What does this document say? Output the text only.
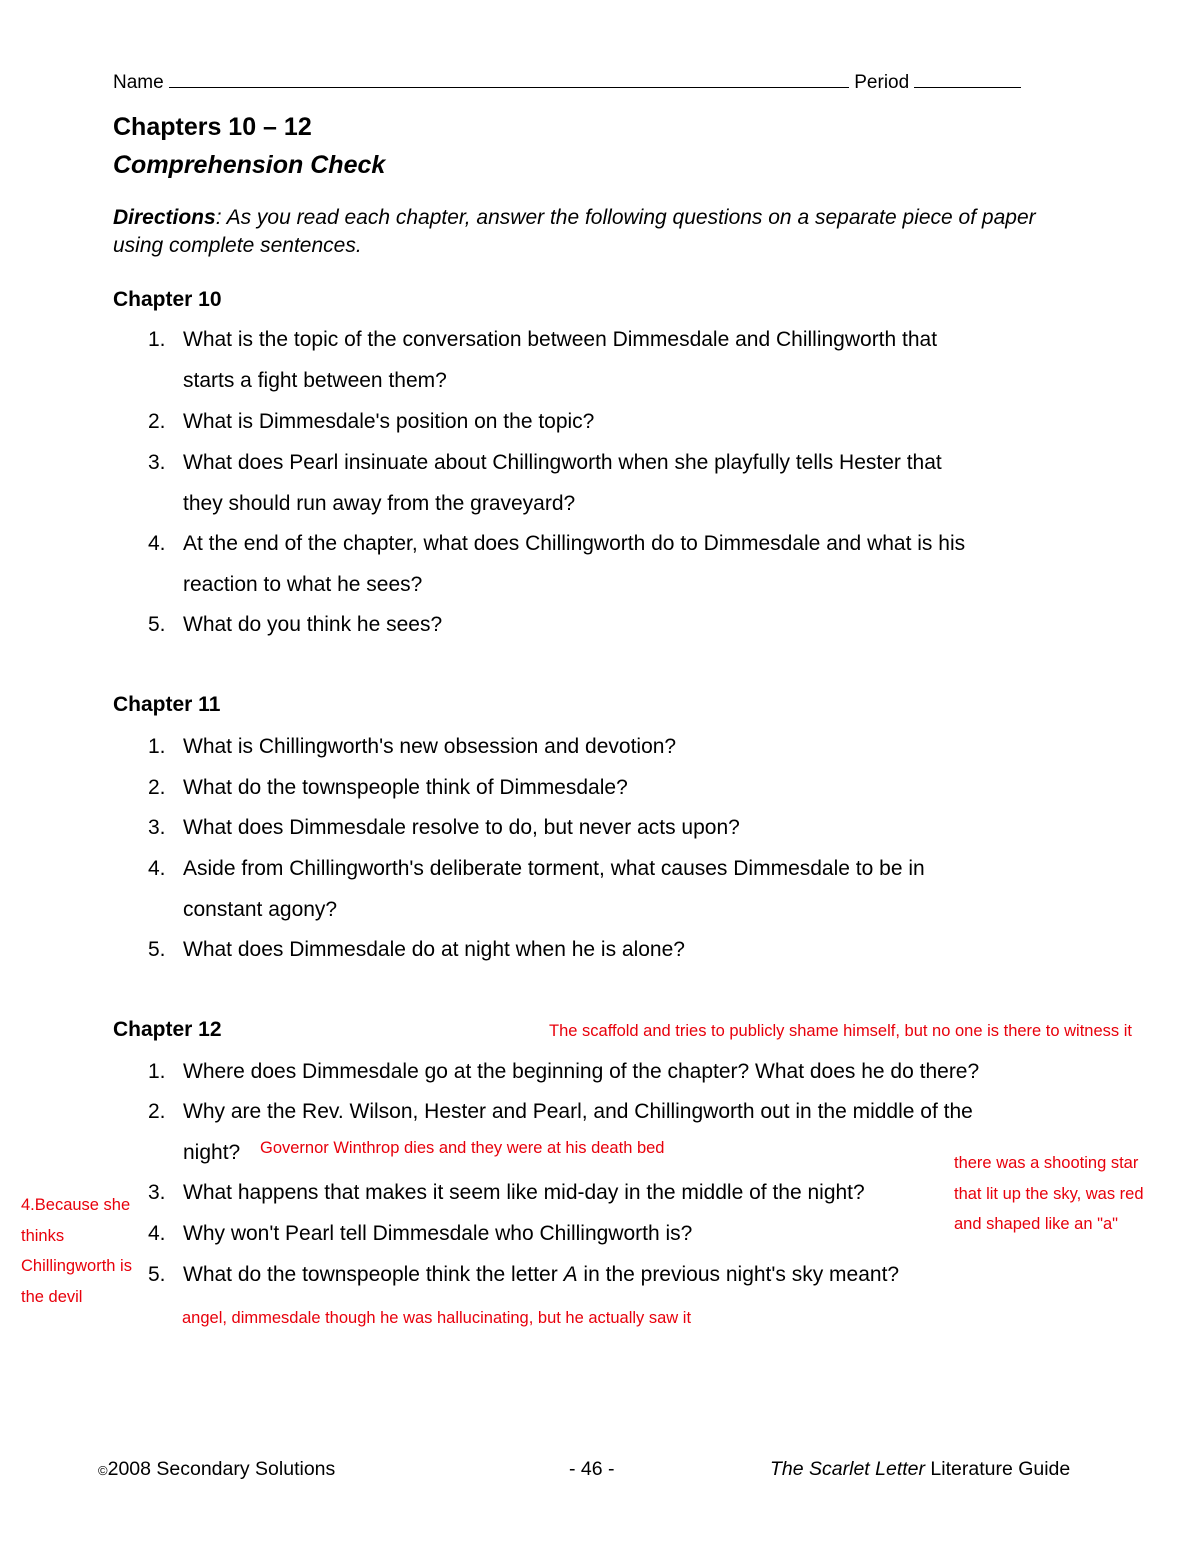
Name	Period
Chapters 10 – 12
Comprehension Check
Directions: As you read each chapter, answer the following questions on a separate piece of paper using complete sentences.
Chapter 10
1. What is the topic of the conversation between Dimmesdale and Chillingworth that
starts a fight between them?
2. What is Dimmesdale's position on the topic?
3. What does Pearl insinuate about Chillingworth when she playfully tells Hester that
they should run away from the graveyard?
4. At the end of the chapter, what does Chillingworth do to Dimmesdale and what is his
reaction to what he sees?
5. What do you think he sees?
Chapter 11
1. What is Chillingworth's new obsession and devotion?
2. What do the townspeople think of Dimmesdale?
3. What does Dimmesdale resolve to do, but never acts upon?
4. Aside from Chillingworth's deliberate torment, what causes Dimmesdale to be in
constant agony?
5. What does Dimmesdale do at night when he is alone?
Chapter 12
1. Where does Dimmesdale go at the beginning of the chapter? What does he do there?
2. Why are the Rev. Wilson, Hester and Pearl, and Chillingworth out in the middle of the
night?
3. What happens that makes it seem like mid-day in the middle of the night?
4. Why won't Pearl tell Dimmesdale who Chillingworth is?
5. What do the townspeople think the letter A in the previous night's sky meant?
The scaffold and tries to publicly shame himself, but no one is there to witness it
Governor Winthrop dies and they were at his death bed
there was a shooting star
that lit up the sky, was red
and shaped like an "a"
4.Because she
thinks
Chillingworth is
the devil
angel, dimmesdale though he was hallucinating, but he actually saw it
©2008 Secondary Solutions	- 46 -	The Scarlet Letter Literature Guide
